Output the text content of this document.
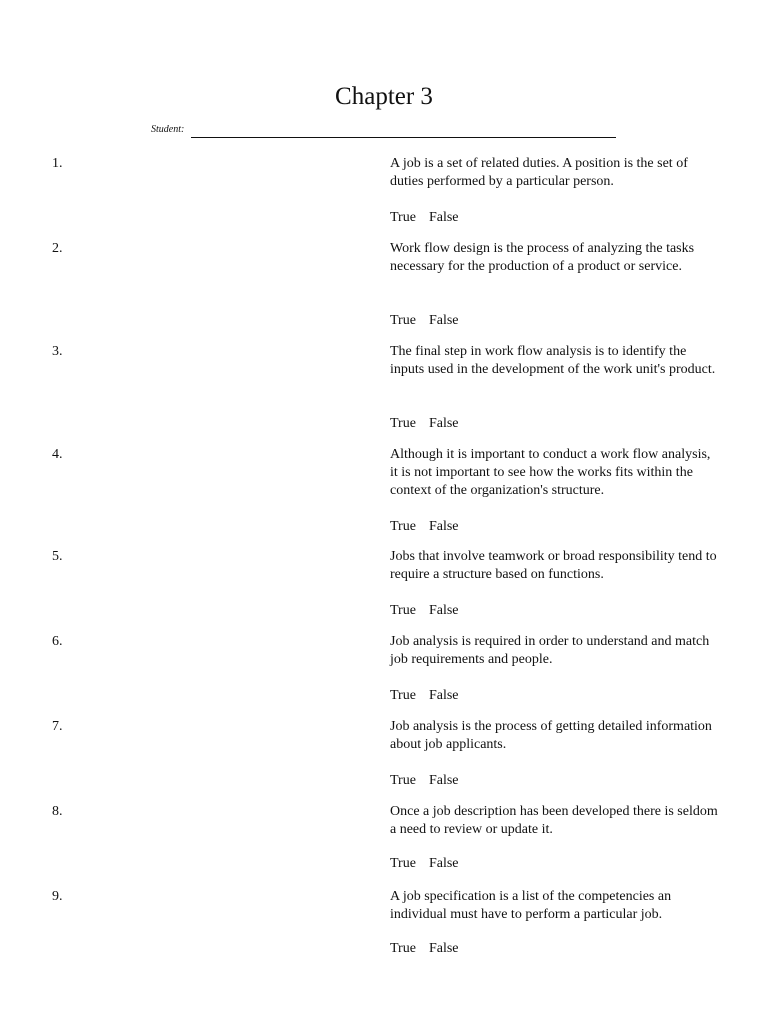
Chapter 3
Student:
1.	A job is a set of related duties. A position is the set of duties performed by a particular person.
True False
2.	Work flow design is the process of analyzing the tasks necessary for the production of a product or service.
True False
3.	The final step in work flow analysis is to identify the inputs used in the development of the work unit's product.
True False
4.	Although it is important to conduct a work flow analysis, it is not important to see how the works fits within the context of the organization's structure.
True False
5.	Jobs that involve teamwork or broad responsibility tend to require a structure based on functions.
True False
6.	Job analysis is required in order to understand and match job requirements and people.
True False
7.	Job analysis is the process of getting detailed information about job applicants.
True False
8.	Once a job description has been developed there is seldom a need to review or update it.
True False
9.	A job specification is a list of the competencies an individual must have to perform a particular job.
True False
